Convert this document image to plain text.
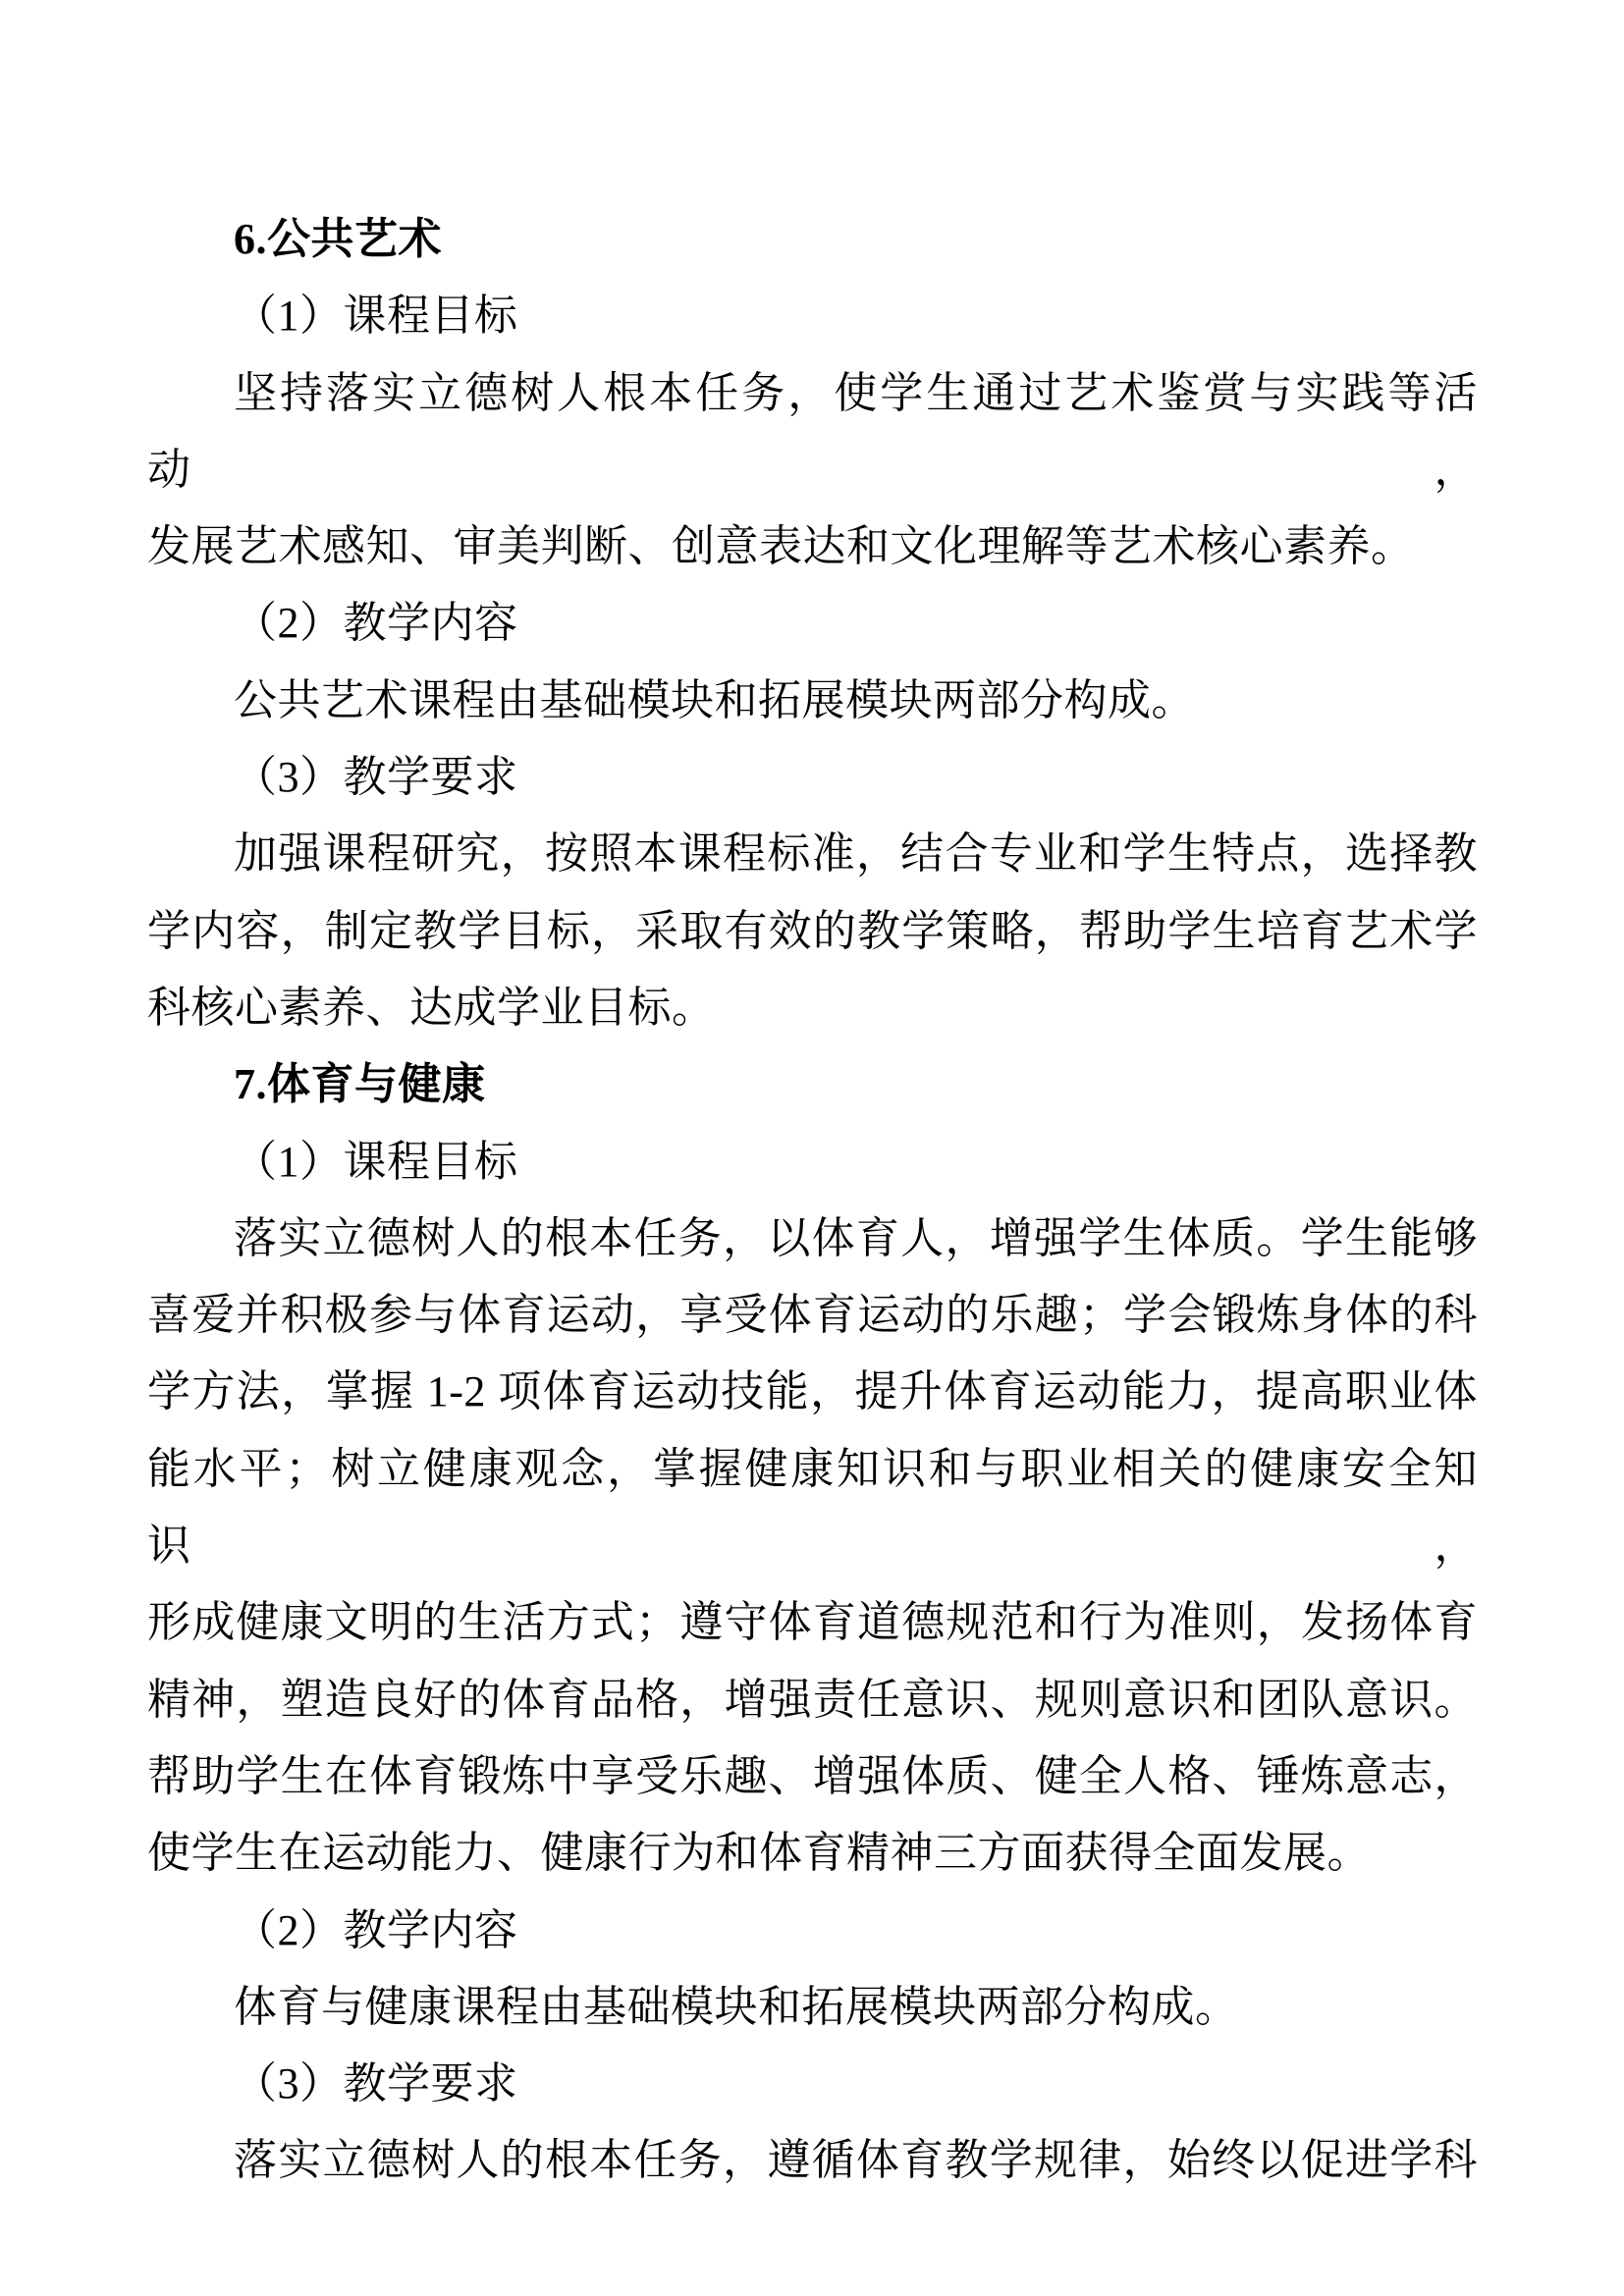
6.公共艺术
（1）课程目标
坚持落实立德树人根本任务，使学生通过艺术鉴赏与实践等活动，
发展艺术感知、审美判断、创意表达和文化理解等艺术核心素养。
（2）教学内容
公共艺术课程由基础模块和拓展模块两部分构成。
（3）教学要求
加强课程研究，按照本课程标准，结合专业和学生特点，选择教
学内容，制定教学目标，采取有效的教学策略，帮助学生培育艺术学
科核心素养、达成学业目标。
7.体育与健康
（1）课程目标
落实立德树人的根本任务，以体育人，增强学生体质。学生能够
喜爱并积极参与体育运动，享受体育运动的乐趣；学会锻炼身体的科
学方法，掌握 1-2 项体育运动技能，提升体育运动能力，提高职业体
能水平；树立健康观念，掌握健康知识和与职业相关的健康安全知识，
形成健康文明的生活方式；遵守体育道德规范和行为准则，发扬体育
精神，塑造良好的体育品格，增强责任意识、规则意识和团队意识。
帮助学生在体育锻炼中享受乐趣、增强体质、健全人格、锤炼意志，
使学生在运动能力、健康行为和体育精神三方面获得全面发展。
（2）教学内容
体育与健康课程由基础模块和拓展模块两部分构成。
（3）教学要求
落实立德树人的根本任务，遵循体育教学规律，始终以促进学科
